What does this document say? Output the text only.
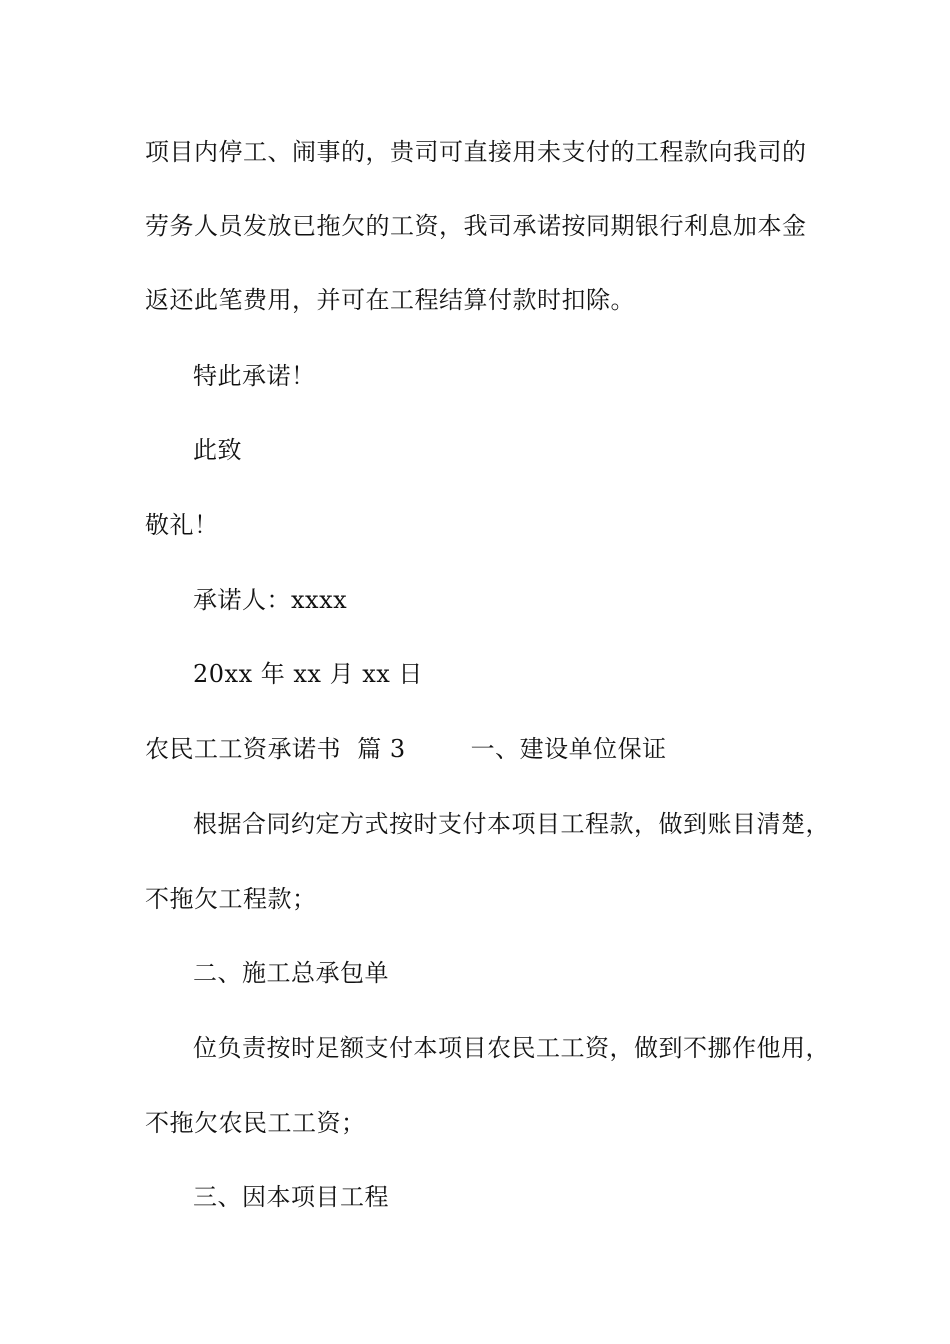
项目内停工、闹事的，贵司可直接用未支付的工程款向我司的
劳务人员发放已拖欠的工资，我司承诺按同期银行利息加本金
返还此笔费用，并可在工程结算付款时扣除。
特此承诺！
此致
敬礼！
承诺人：xxxx
20xx 年 xx 月 xx 日
农民工工资承诺书  篇 3        一、建设单位保证
根据合同约定方式按时支付本项目工程款，做到账目清楚，
不拖欠工程款；
二、施工总承包单
位负责按时足额支付本项目农民工工资，做到不挪作他用，
不拖欠农民工工资；
三、因本项目工程
